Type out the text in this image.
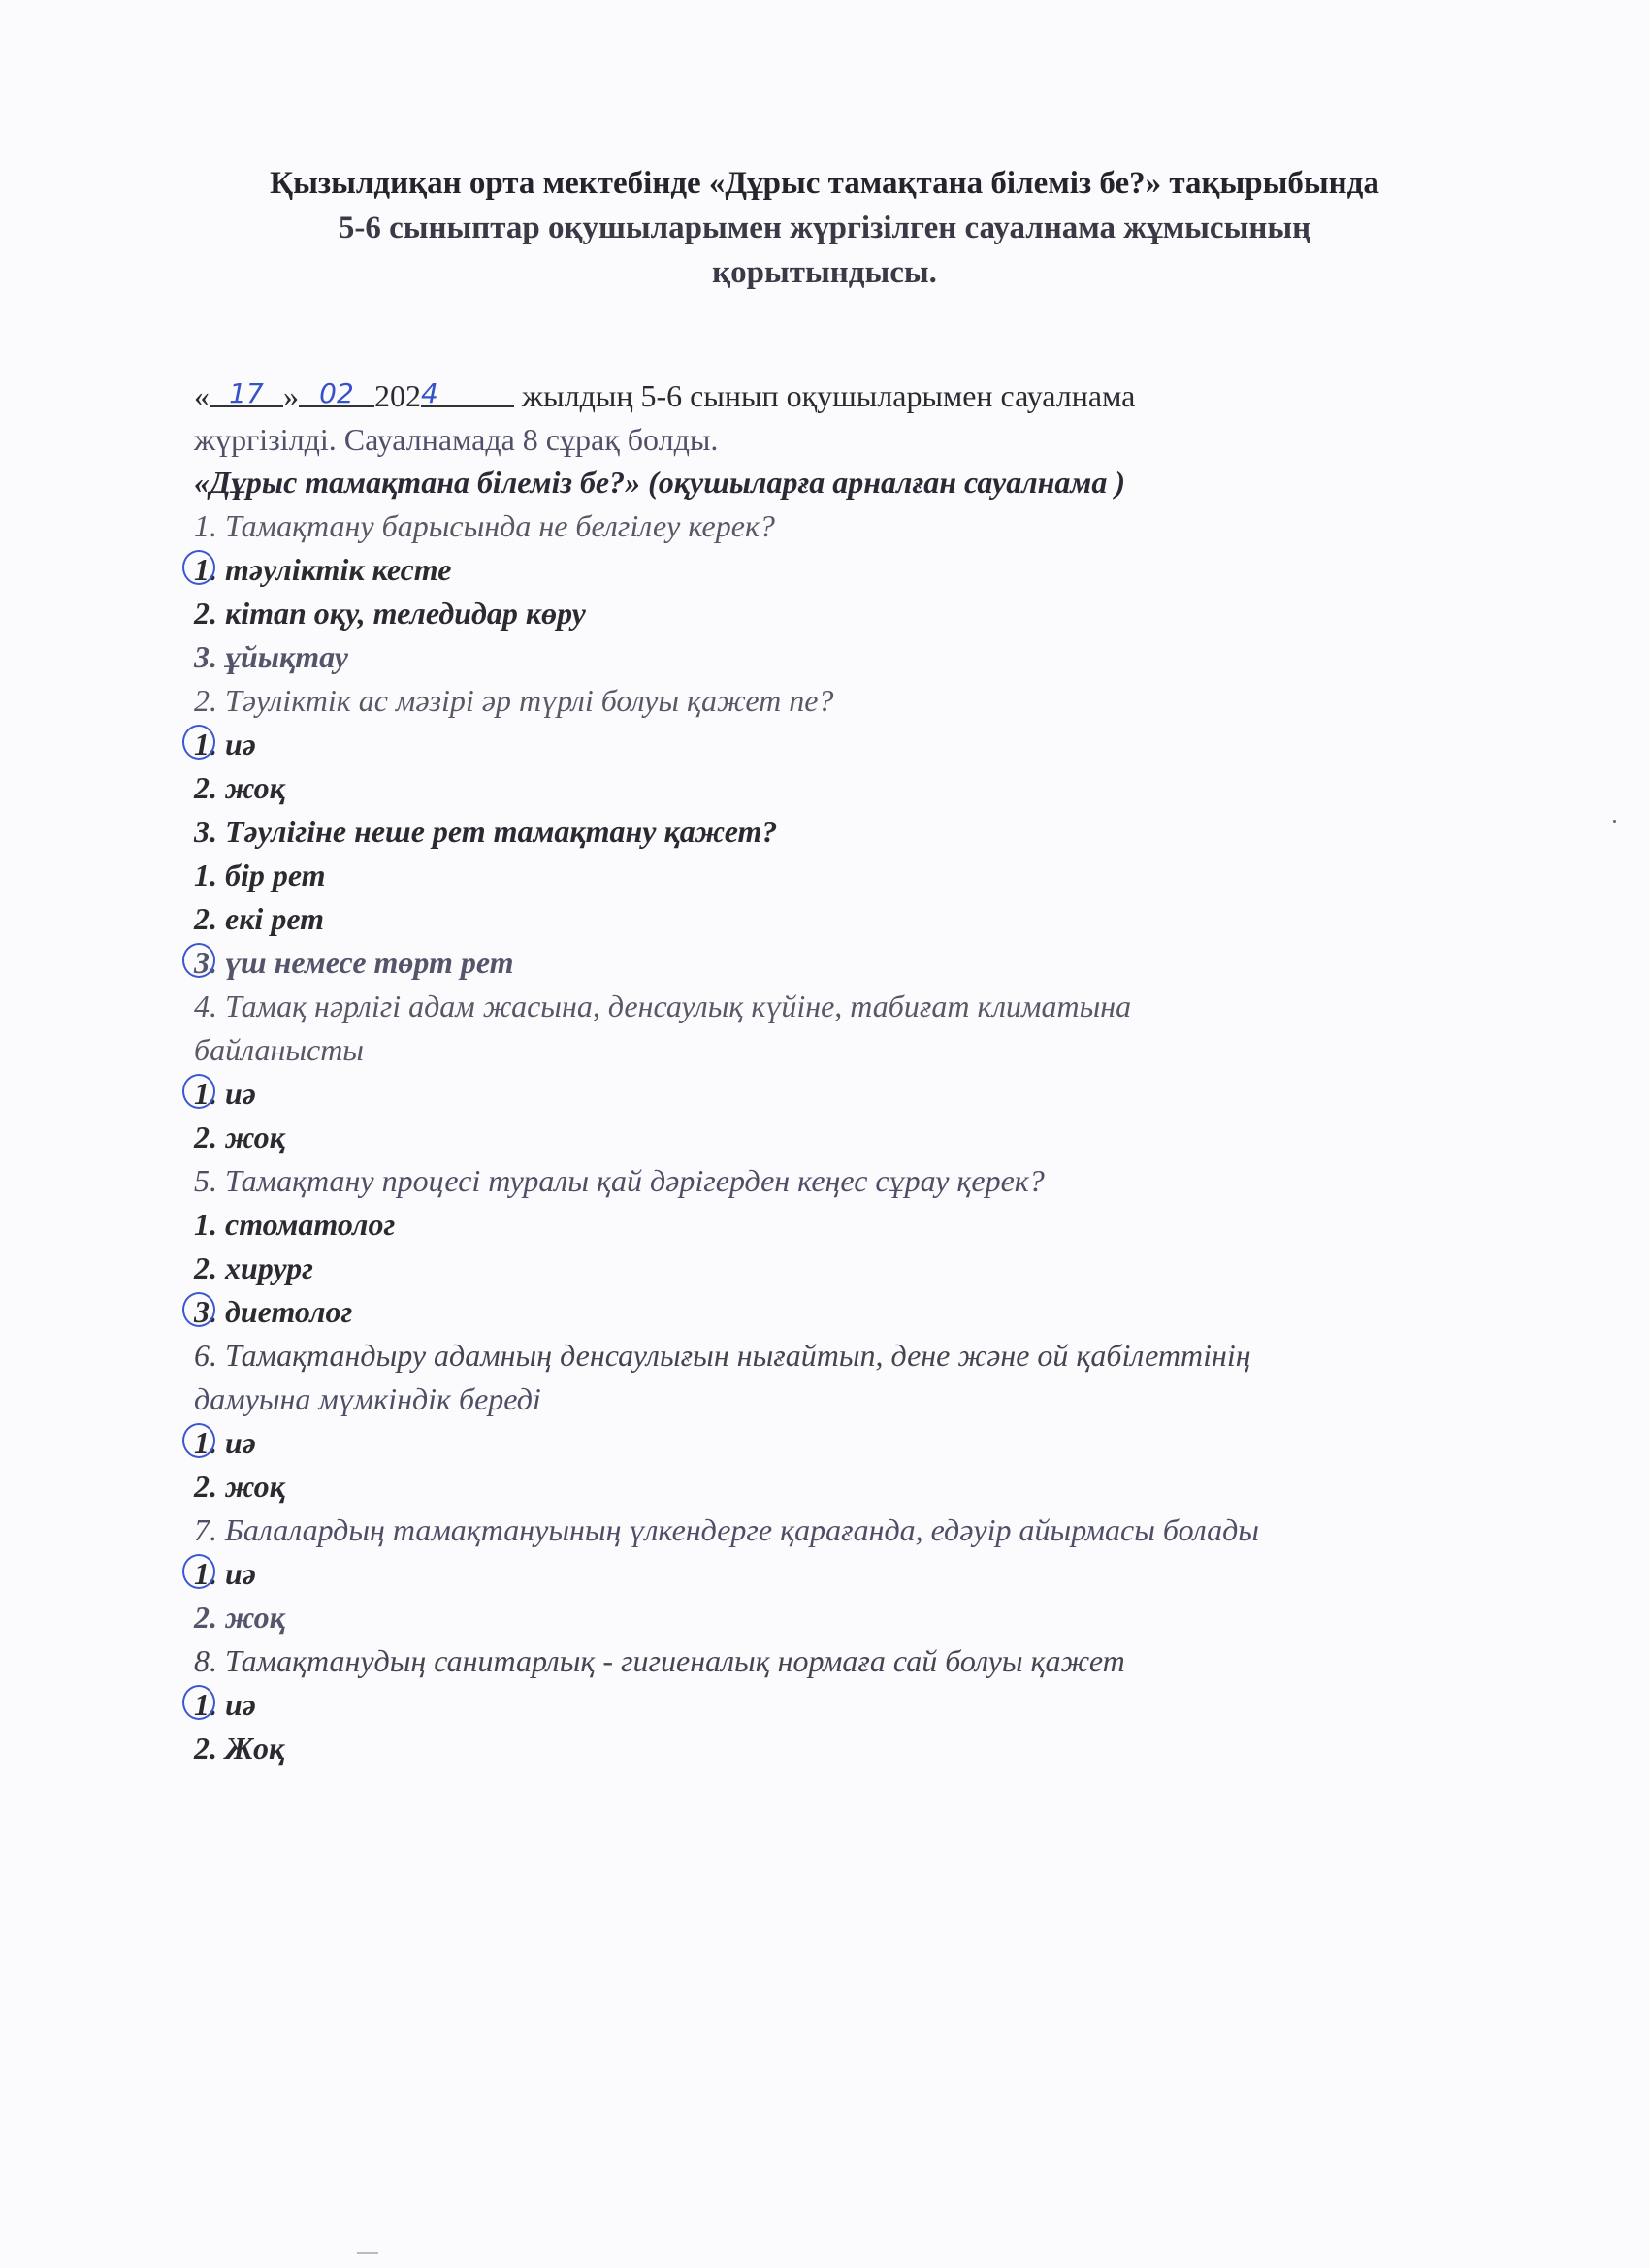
Қызылдиқан орта мектебінде «Дұрыс тамақтана білеміз бе?» тақырыбында
5-6 сыныптар оқушыларымен жүргізілген сауалнама жұмысының
қорытындысы.
« 17 » 02 2024	жылдың 5-6 сынып оқушыларымен сауалнама
жүргізілді. Сауалнамада 8 сұрақ болды.
«Дұрыс тамақтана білеміз бе?» (оқушыларға арналған сауалнама )
1. Тамақтану барысында не белгілеу керек?
1. тәуліктік кесте
2. кітап оқу, теледидар көру
3. ұйықтау
2. Тәуліктік ас мәзірі әр түрлі болуы қажет пе?
1. иә
2. жоқ
3. Тәулігіне неше рет тамақтану қажет?
1. бір рет
2. екі рет
3. үш немесе төрт рет
4. Тамақ нәрлігі адам жасына, денсаулық күйіне, табиғат климатына
байланысты
1. иә
2. жоқ
5. Тамақтану процесі туралы қай дәрігерден кеңес сұрау қерек?
1. стоматолог
2. хирург
3. диетолог
6. Тамақтандыру адамның денсаулығын нығайтып, дене және ой қабілеттінің
дамуына мүмкіндік береді
1. иә
2. жоқ
7. Балалардың тамақтануының үлкендерге қарағанда, едәуір айырмасы болады
1. иә
2. жоқ
8. Тамақтанудың санитарлық - гигиеналық нормаға сай болуы қажет
1. иә
2. Жоқ
